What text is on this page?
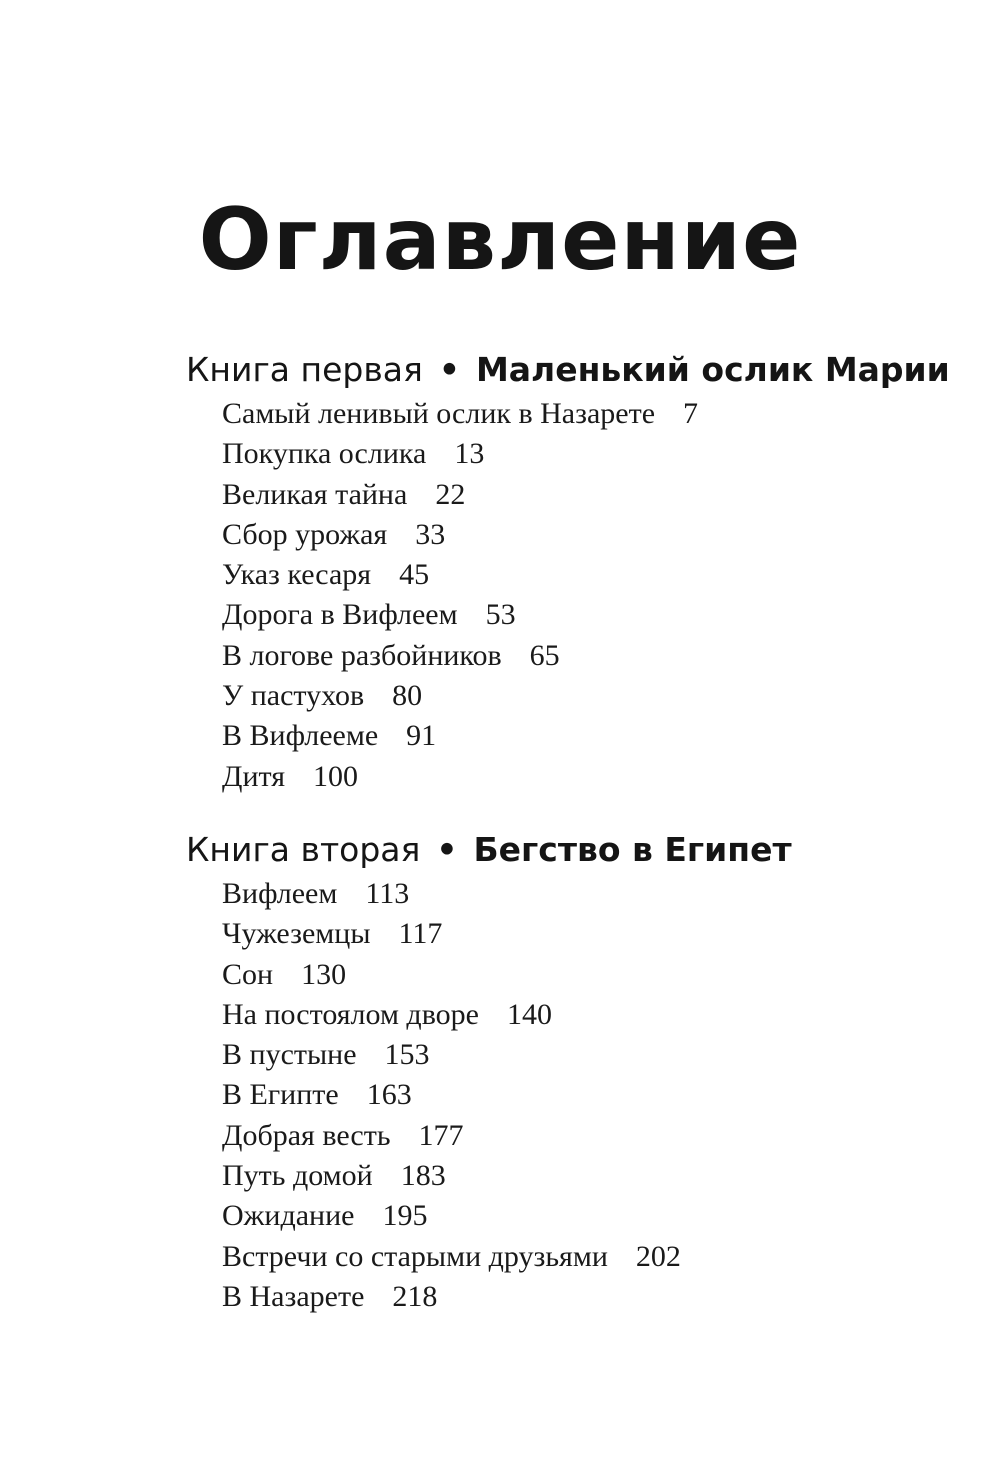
Оглавление
Книга первая • Маленький ослик Марии
Самый ленивый ослик в Назарете 7
Покупка ослика 13
Великая тайна 22
Сбор урожая 33
Указ кесаря 45
Дорога в Вифлеем 53
В логове разбойников 65
У пастухов 80
В Вифлееме 91
Дитя 100
Книга вторая • Бегство в Египет
Вифлеем 113
Чужеземцы 117
Сон 130
На постоялом дворе 140
В пустыне 153
В Египте 163
Добрая весть 177
Путь домой 183
Ожидание 195
Встречи со старыми друзьями 202
В Назарете 218
